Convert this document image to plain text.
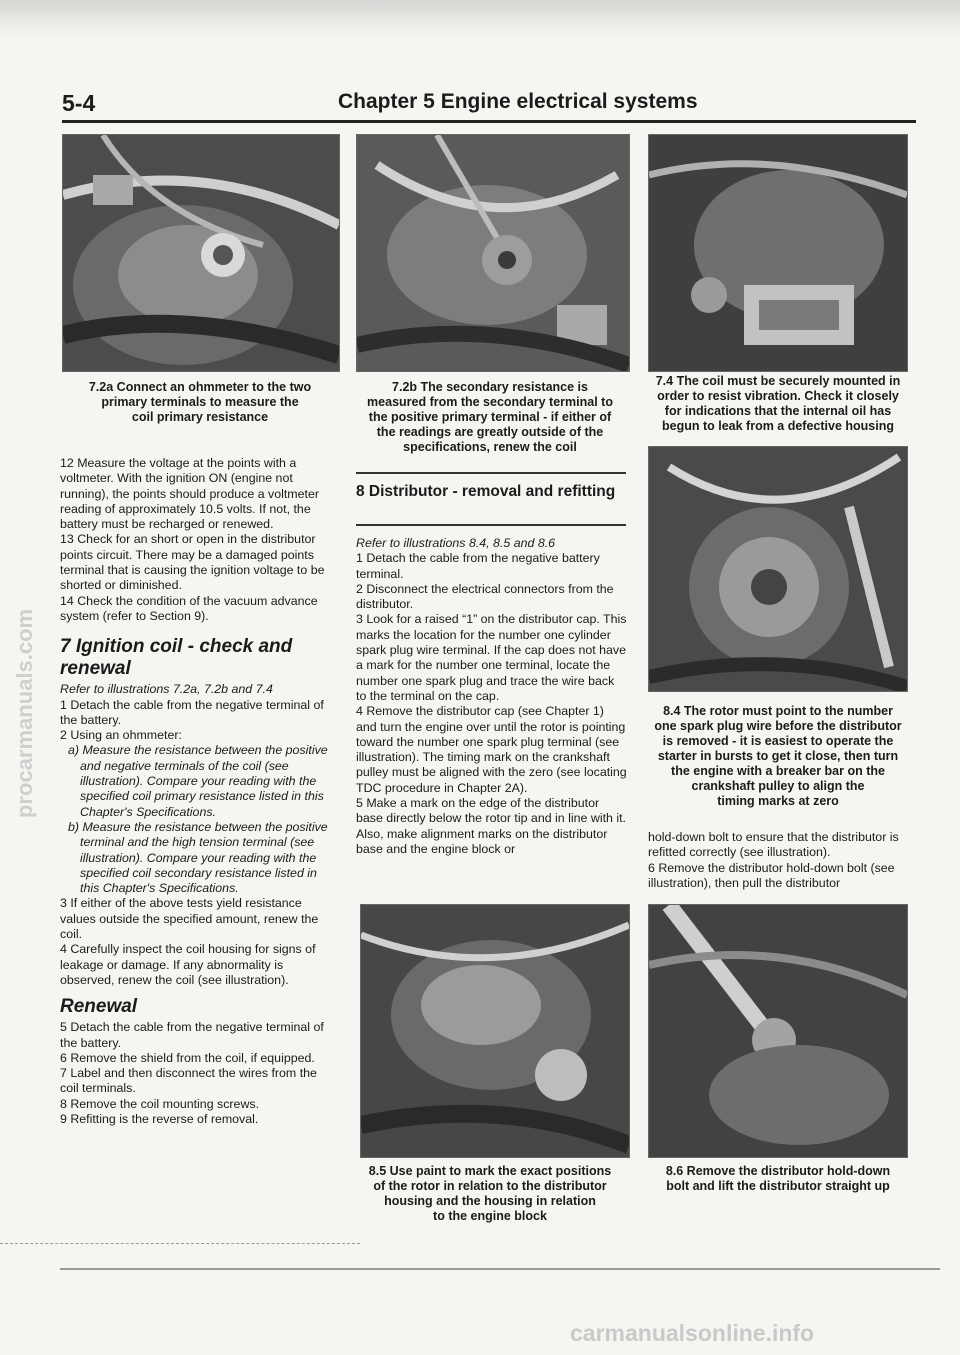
5-4	Chapter 5 Engine electrical systems
7.2a Connect an ohmmeter to the two
primary terminals to measure the
coil primary resistance
7.2b The secondary resistance is
measured from the secondary terminal to
the positive primary terminal - if either of
the readings are greatly outside of the
specifications, renew the coil
7.4 The coil must be securely mounted in
order to resist vibration. Check it closely
for indications that the internal oil has
begun to leak from a defective housing
8.4 The rotor must point to the number
one spark plug wire before the distributor
is removed - it is easiest to operate the
starter in bursts to get it close, then turn
the engine with a breaker bar on the
crankshaft pulley to align the
timing marks at zero
8.5 Use paint to mark the exact positions
of the rotor in relation to the distributor
housing and the housing in relation
to the engine block
8.6 Remove the distributor hold-down
bolt and lift the distributor straight up

12 Measure the voltage at the points with a voltmeter. With the ignition ON (engine not running), the points should produce a voltmeter reading of approximately 10.5 volts. If not, the battery must be recharged or renewed.

13 Check for an short or open in the distributor points circuit. There may be a damaged points terminal that is causing the ignition voltage to be shorted or diminished.

14 Check the condition of the vacuum advance system (refer to Section 9).

7 Ignition coil - check and renewal

Refer to illustrations 7.2a, 7.2b and 7.4

1 Detach the cable from the negative terminal of the battery.

2 Using an ohmmeter:

a) Measure the resistance between the positive and negative terminals of the coil (see illustration). Compare your reading with the specified coil primary resistance listed in this Chapter's Specifications.

b) Measure the resistance between the positive terminal and the high tension terminal (see illustration). Compare your reading with the specified coil secondary resistance listed in this Chapter's Specifications.

3 If either of the above tests yield resistance values outside the specified amount, renew the coil.

4 Carefully inspect the coil housing for signs of leakage or damage. If any abnormality is observed, renew the coil (see illustration).

Renewal

5 Detach the cable from the negative terminal of the battery.

6 Remove the shield from the coil, if equipped.

7 Label and then disconnect the wires from the coil terminals.

8 Remove the coil mounting screws.

9 Refitting is the reverse of removal.

8 Distributor - removal and refitting

Refer to illustrations 8.4, 8.5 and 8.6

1 Detach the cable from the negative battery terminal.

2 Disconnect the electrical connectors from the distributor.

3 Look for a raised “1” on the distributor cap. This marks the location for the number one cylinder spark plug wire terminal. If the cap does not have a mark for the number one terminal, locate the number one spark plug and trace the wire back to the terminal on the cap.

4 Remove the distributor cap (see Chapter 1) and turn the engine over until the rotor is pointing toward the number one spark plug terminal (see illustration). The timing mark on the crankshaft pulley must be aligned with the zero (see locating TDC procedure in Chapter 2A).

5 Make a mark on the edge of the distributor base directly below the rotor tip and in line with it. Also, make alignment marks on the distributor base and the engine block or

hold-down bolt to ensure that the distributor is refitted correctly (see illustration).

6 Remove the distributor hold-down bolt (see illustration), then pull the distributor

procarmanuals.com
carmanualsonline.info
